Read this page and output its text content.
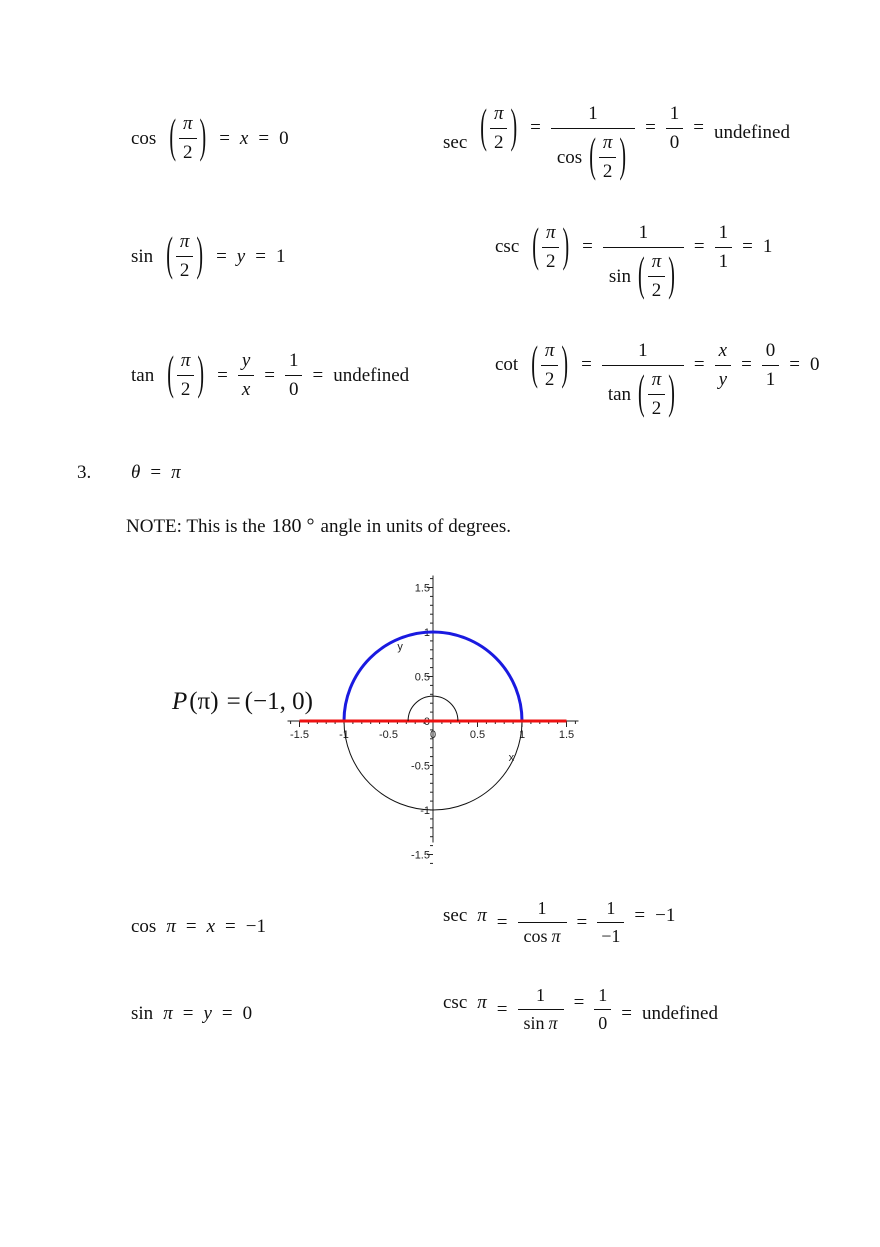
cos ( $\frac{\pi}{2}$ ) = x = 0	sec ( $\frac{\pi}{2}$ ) = $\frac{1}{\cos ( \frac{\pi}{2} )} = \frac{1}{0}$ = undefined
sin ( $\frac{\pi}{2}$ ) = y = 1	csc ( $\frac{\pi}{2}$ ) = $\frac{1}{\sin ( \frac{\pi}{2} )} = \frac{1}{1} = 1$
tan ( $\frac{\pi}{2}$ ) = $\frac{y}{x} = \frac{1}{0}$ = undefined	cot ( $\frac{\pi}{2}$ ) = $\frac{1}{\tan ( \frac{\pi}{2} )} = \frac{x}{y} = \frac{0}{1} = 0$
3. θ = π
NOTE: This is the 180 ° angle in units of degrees.
P (π) = (−1, 0)
-1.5	-1	-0.5	0	0.5	1	1.5
1.5
1
0.5
0
-0.5
-1
-1.5
x
y
cos π = x = −1
$\sec \pi = \frac{1}{\text{cos π}} = \frac{1}{-1} = -1$
sin π = y = 0
$\csc \pi = \frac{1}{\text{sin π}} = \frac{1}{0}$ = undefined
